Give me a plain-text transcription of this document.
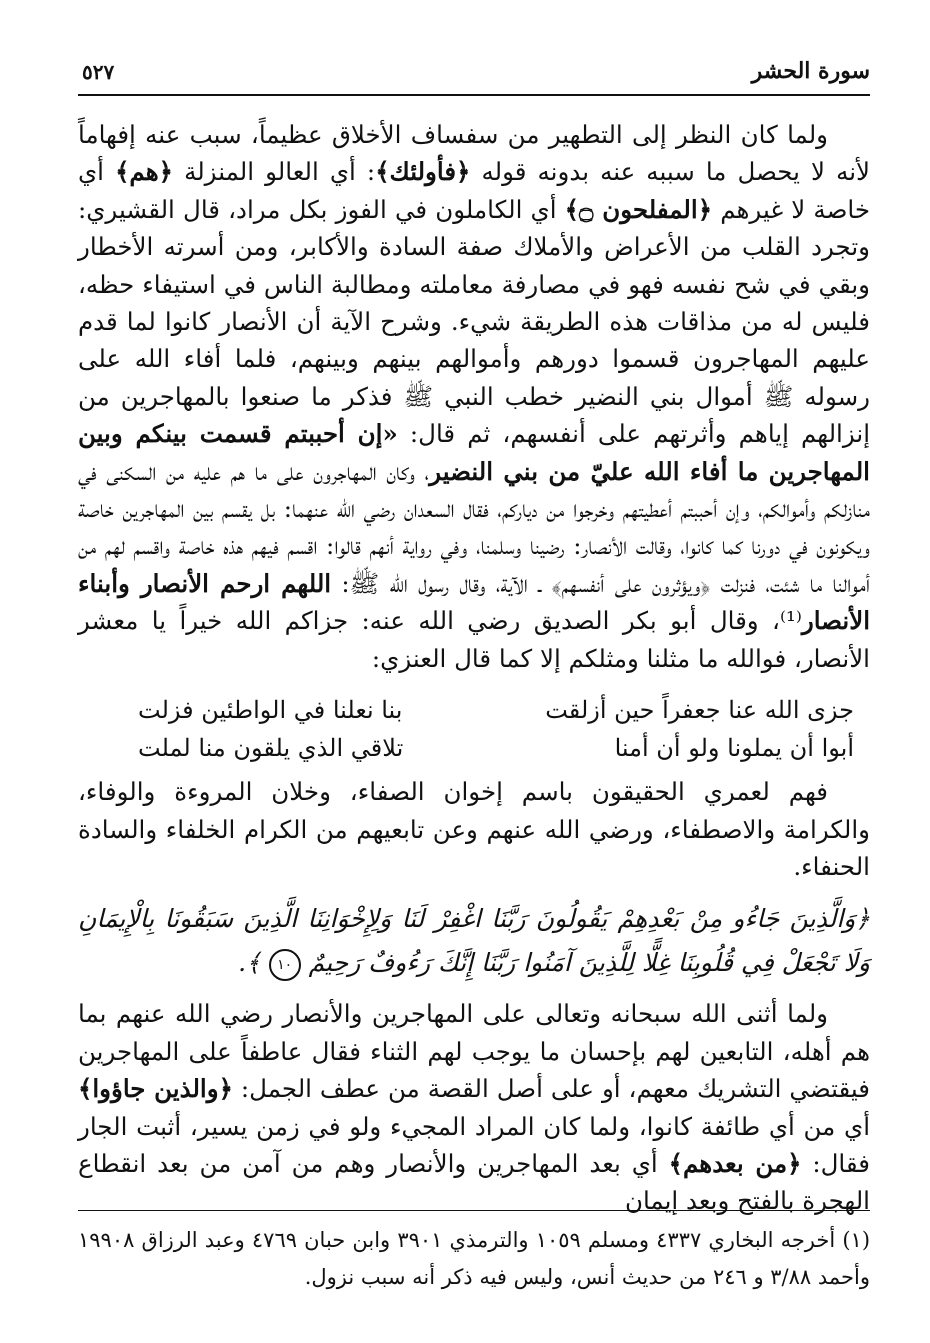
سورة الحشر
٥٢٧

ولما كان النظر إلى التطهير من سفساف الأخلاق عظيماً، سبب عنه إفهاماً لأنه لا يحصل ما سببه عنه بدونه قوله ﴿فأولئك﴾: أي العالو المنزلة ﴿هم﴾ أي خاصة لا غيرهم ﴿المفلحون ۝﴾ أي الكاملون في الفوز بكل مراد، قال القشيري: وتجرد القلب من الأعراض والأملاك صفة السادة والأكابر، ومن أسرته الأخطار وبقي في شح نفسه فهو في مصارفة معاملته ومطالبة الناس في استيفاء حظه، فليس له من مذاقات هذه الطريقة شيء. وشرح الآية أن الأنصار كانوا لما قدم عليهم المهاجرون قسموا دورهم وأموالهم بينهم وبينهم، فلما أفاء الله على رسوله ﷺ أموال بني النضير خطب النبي ﷺ فذكر ما صنعوا بالمهاجرين من إنزالهم إياهم وأثرتهم على أنفسهم، ثم قال: «إن أحببتم قسمت بينكم وبين المهاجرين ما أفاء الله عليّ من بني النضير، وكان المهاجرون على ما هم عليه من السكنى في منازلكم وأموالكم، وإن أحببتم أعطيتهم وخرجوا من دياركم، فقال السعدان رضي الله عنهما: بل يقسم بين المهاجرين خاصة ويكونون في دورنا كما كانوا، وقالت الأنصار: رضينا وسلمنا، وفي رواية أنهم قالوا: اقسم فيهم هذه خاصة واقسم لهم من أموالنا ما شئت، فنزلت ﴿ويؤثرون على أنفسهم﴾ ـ الآية، وقال رسول الله ﷺ: اللهم ارحم الأنصار وأبناء الأنصار⁽¹⁾، وقال أبو بكر الصديق رضي الله عنه: جزاكم الله خيراً يا معشر الأنصار، فوالله ما مثلنا ومثلكم إلا كما قال العنزي:

جزى الله عنا جعفراً حين أزلقت
بنا نعلنا في الواطئين فزلت
أبوا أن يملونا ولو أن أمنا
تلاقي الذي يلقون منا لملت

فهم لعمري الحقيقون باسم إخوان الصفاء، وخلان المروءة والوفاء، والكرامة والاصطفاء، ورضي الله عنهم وعن تابعيهم من الكرام الخلفاء والسادة الحنفاء.

﴿وَالَّذِينَ جَاءُو مِنْ بَعْدِهِمْ يَقُولُونَ رَبَّنَا اغْفِرْ لَنَا وَلِإِخْوَانِنَا الَّذِينَ سَبَقُونَا بِالْإِيمَانِ وَلَا تَجْعَلْ فِي قُلُوبِنَا غِلًّا لِلَّذِينَ آمَنُوا رَبَّنَا إِنَّكَ رَءُوفٌ رَحِيمٌ ١٠ ﴾.

ولما أثنى الله سبحانه وتعالى على المهاجرين والأنصار رضي الله عنهم بما هم أهله، التابعين لهم بإحسان ما يوجب لهم الثناء فقال عاطفاً على المهاجرين فيقتضي التشريك معهم، أو على أصل القصة من عطف الجمل: ﴿والذين جاؤوا﴾ أي من أي طائفة كانوا، ولما كان المراد المجيء ولو في زمن يسير، أثبت الجار فقال: ﴿من بعدهم﴾ أي بعد المهاجرين والأنصار وهم من آمن من بعد انقطاع الهجرة بالفتح وبعد إيمان

(١) أخرجه البخاري ٤٣٣٧ ومسلم ١٠٥٩ والترمذي ٣٩٠١ وابن حبان ٤٧٦٩ وعبد الرزاق ١٩٩٠٨ وأحمد ٣/٨٨ و ٢٤٦ من حديث أنس، وليس فيه ذكر أنه سبب نزول.
